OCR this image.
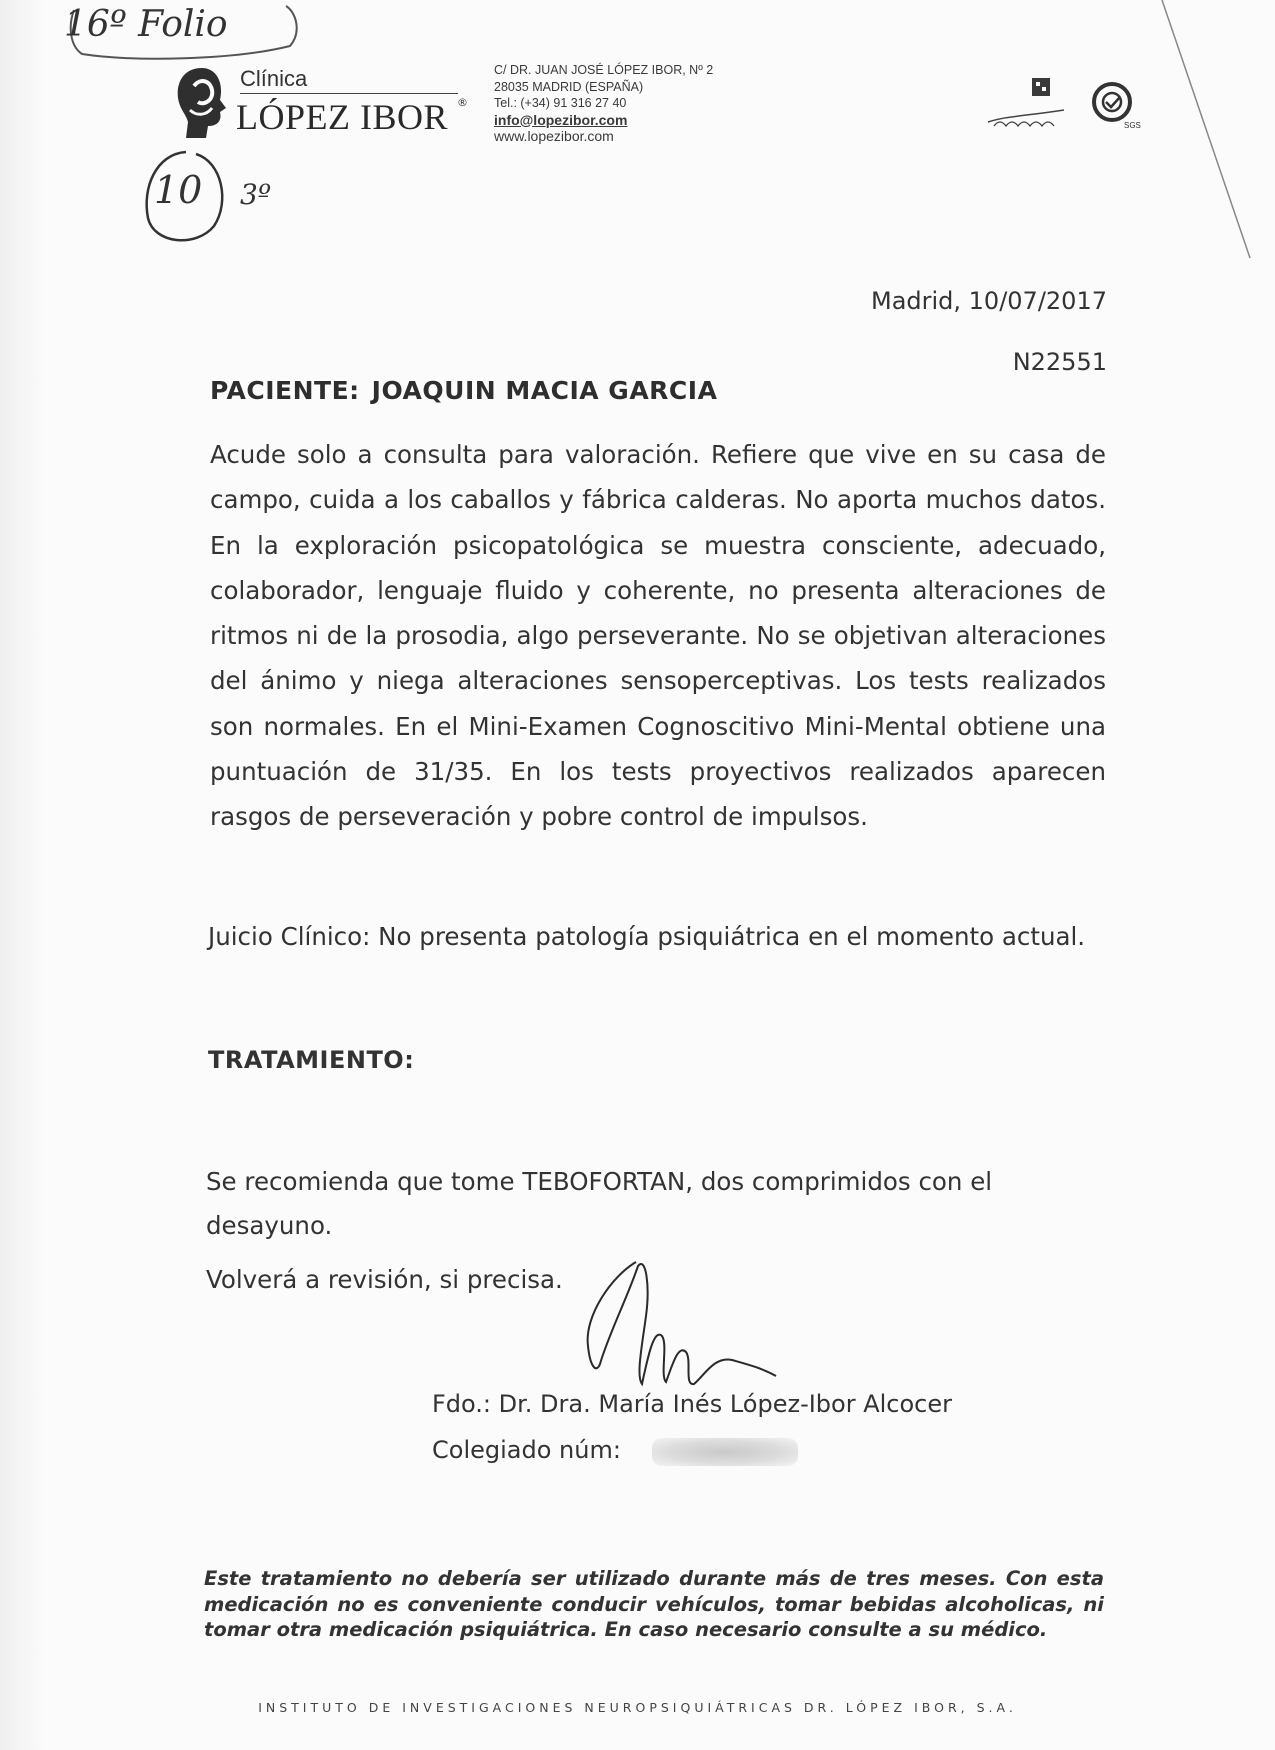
16º Folio
10 3º
Clínica
LÓPEZ IBOR ®
C/ DR. JUAN JOSÉ LÓPEZ IBOR, Nº 2
28035 MADRID (ESPAÑA)
Tel.: (+34) 91 316 27 40
info@lopezibor.com
www.lopezibor.com
SGS
Madrid, 10/07/2017
N22551
PACIENTE: JOAQUIN MACIA GARCIA
Acude solo a consulta para valoración. Refiere que vive en su casa de campo, cuida a los caballos y fábrica calderas. No aporta muchos datos. En la exploración psicopatológica se muestra consciente, adecuado, colaborador, lenguaje fluido y coherente, no presenta alteraciones de ritmos ni de la prosodia, algo perseverante. No se objetivan alteraciones del ánimo y niega alteraciones sensoperceptivas. Los tests realizados son normales. En el Mini-Examen Cognoscitivo Mini-Mental obtiene una puntuación de 31/35. En los tests proyectivos realizados aparecen rasgos de perseveración y pobre control de impulsos.
Juicio Clínico: No presenta patología psiquiátrica en el momento actual.
TRATAMIENTO:
Se recomienda que tome TEBOFORTAN, dos comprimidos con el desayuno.
Volverá a revisión, si precisa.
Fdo.: Dr. Dra. María Inés López-Ibor Alcocer
Colegiado núm:
Este tratamiento no debería ser utilizado durante más de tres meses. Con esta medicación no es conveniente conducir vehículos, tomar bebidas alcoholicas, ni tomar otra medicación psiquiátrica. En caso necesario consulte a su médico.
INSTITUTO DE INVESTIGACIONES NEUROPSIQUIÁTRICAS DR. LÓPEZ IBOR, S.A.
